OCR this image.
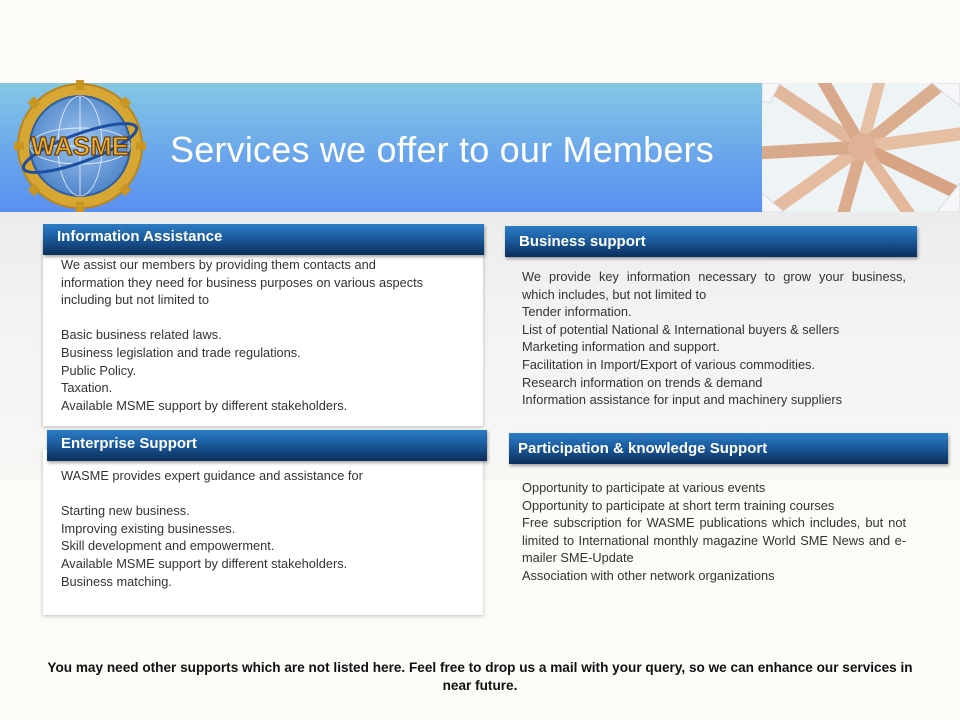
WASME Services we offer to our Members
Information Assistance

We assist our members by providing them contacts and information they need for business purposes on various aspects including but not limited to

Basic business related laws.

Business legislation and trade regulations.

Public Policy.

Taxation.

Available MSME support by different stakeholders.

Business support

We provide key information necessary to grow your business, which includes, but not limited to

Tender information.

List of potential National & International buyers & sellers

Marketing information and support.

Facilitation in Import/Export of various commodities.

Research information on trends & demand

Information assistance for input and machinery suppliers

Enterprise Support

WASME provides expert guidance and assistance for

Starting new business.

Improving existing businesses.

Skill development and empowerment.

Available MSME support by different stakeholders.

Business matching.

Participation & knowledge Support

Opportunity to participate at various events

Opportunity to participate at short term training courses

Free subscription for WASME publications which includes, but not limited to International monthly magazine World SME News and e-mailer SME-Update

Association with other network organizations

You may need other supports which are not listed here. Feel free to drop us a mail with your query, so we can enhance our services in near future.
